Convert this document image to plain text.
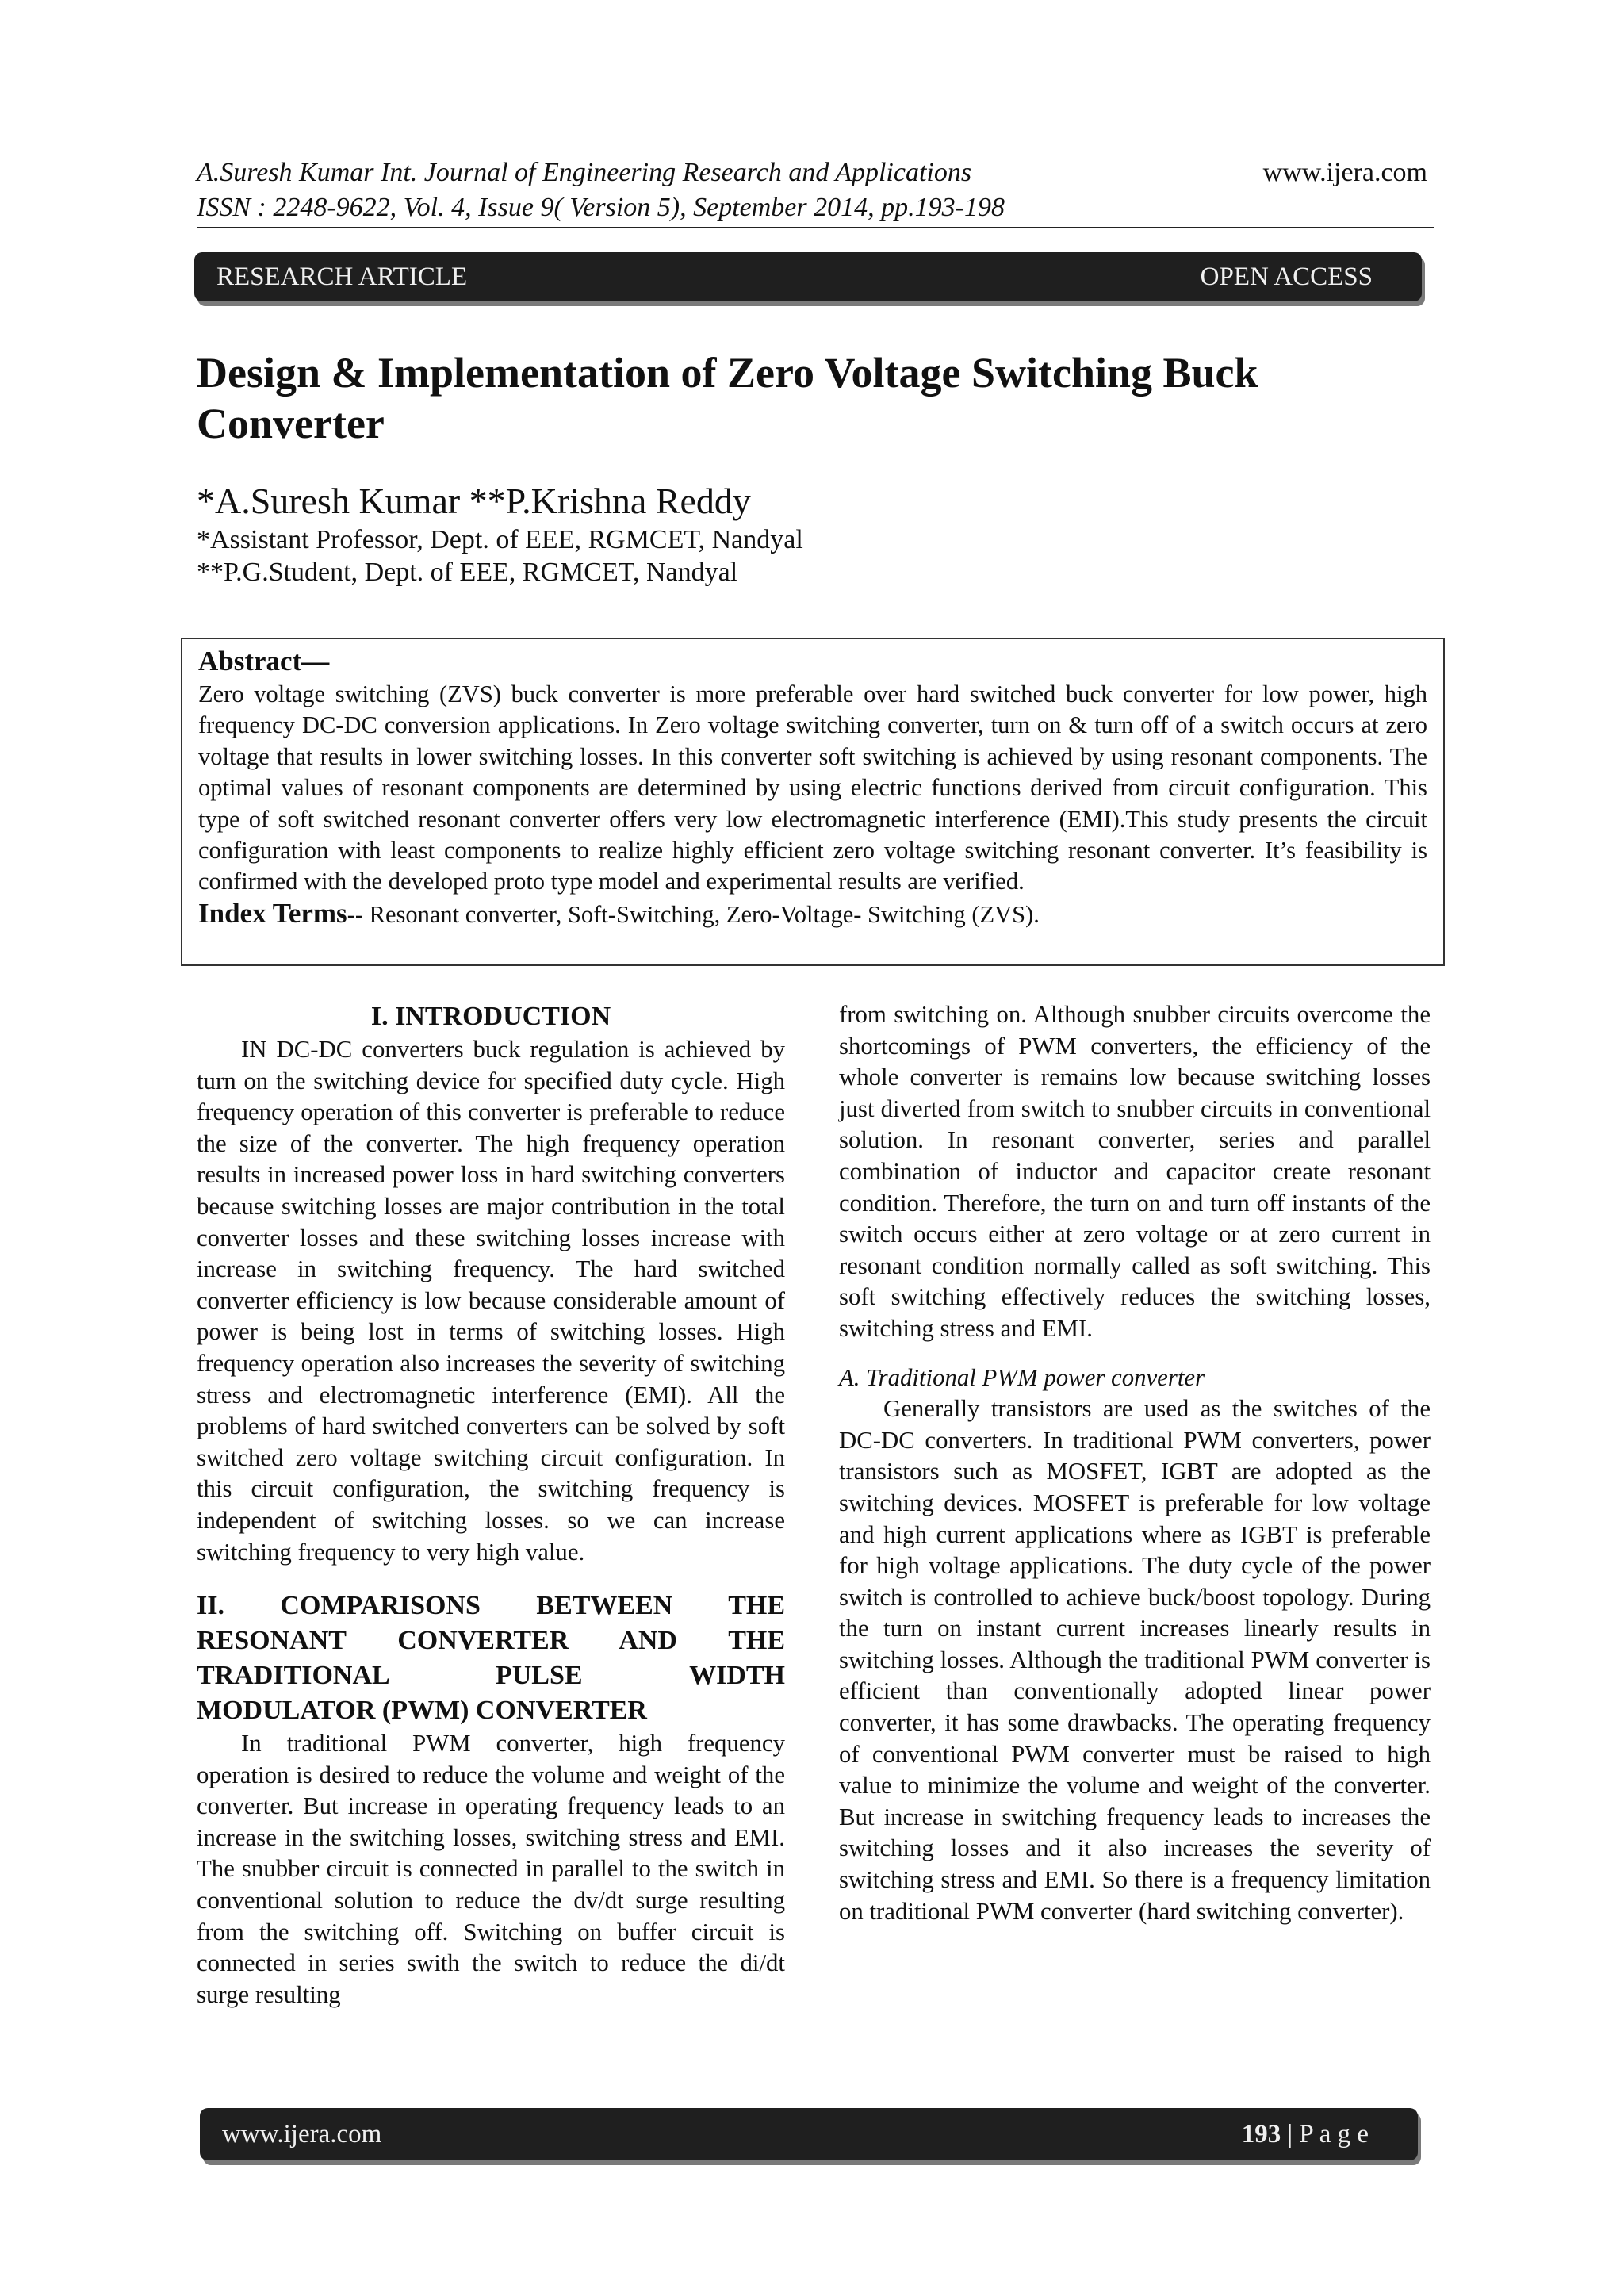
A.Suresh Kumar Int. Journal of Engineering Research and Applications
ISSN : 2248-9622, Vol. 4, Issue 9( Version 5), September 2014, pp.193-198
www.ijera.com
RESEARCH ARTICLE	OPEN ACCESS
Design & Implementation of Zero Voltage Switching Buck Converter
*A.Suresh Kumar **P.Krishna Reddy
*Assistant Professor, Dept. of EEE, RGMCET, Nandyal
**P.G.Student, Dept. of EEE, RGMCET, Nandyal
Abstract—
Zero voltage switching (ZVS) buck converter is more preferable over hard switched buck converter for low power, high frequency DC-DC conversion applications. In Zero voltage switching converter, turn on & turn off of a switch occurs at zero voltage that results in lower switching losses. In this converter soft switching is achieved by using resonant components. The optimal values of resonant components are determined by using electric functions derived from circuit configuration. This type of soft switched resonant converter offers very low electromagnetic interference (EMI).This study presents the circuit configuration with least components to realize highly efficient zero voltage switching resonant converter. It’s feasibility is confirmed with the developed proto type model and experimental results are verified.
Index Terms-- Resonant converter, Soft-Switching, Zero-Voltage- Switching (ZVS).

I. INTRODUCTION

IN DC-DC converters buck regulation is achieved by turn on the switching device for specified duty cycle. High frequency operation of this converter is preferable to reduce the size of the converter. The high frequency operation results in increased power loss in hard switching converters because switching losses are major contribution in the total converter losses and these switching losses increase with increase in switching frequency. The hard switched converter efficiency is low because considerable amount of power is being lost in terms of switching losses. High frequency operation also increases the severity of switching stress and electromagnetic interference (EMI). All the problems of hard switched converters can be solved by soft switched zero voltage switching circuit configuration. In this circuit configuration, the switching frequency is independent of switching losses. so we can increase switching frequency to very high value.

II. COMPARISONS BETWEEN THE

RESONANT CONVERTER AND THE

TRADITIONAL PULSE WIDTH

MODULATOR (PWM) CONVERTER

In traditional PWM converter, high frequency operation is desired to reduce the volume and weight of the converter. But increase in operating frequency leads to an increase in the switching losses, switching stress and EMI. The snubber circuit is connected in parallel to the switch in conventional solution to reduce the dv/dt surge resulting from the switching off. Switching on buffer circuit is connected in series swith the switch to reduce the di/dt surge resulting

from switching on. Although snubber circuits overcome the shortcomings of PWM converters, the efficiency of the whole converter is remains low because switching losses just diverted from switch to snubber circuits in conventional solution. In resonant converter, series and parallel combination of inductor and capacitor create resonant condition. Therefore, the turn on and turn off instants of the switch occurs either at zero voltage or at zero current in resonant condition normally called as soft switching. This soft switching effectively reduces the switching losses, switching stress and EMI.

A. Traditional PWM power converter

Generally transistors are used as the switches of the DC-DC converters. In traditional PWM converters, power transistors such as MOSFET, IGBT are adopted as the switching devices. MOSFET is preferable for low voltage and high current applications where as IGBT is preferable for high voltage applications. The duty cycle of the power switch is controlled to achieve buck/boost topology. During the turn on instant current increases linearly results in switching losses. Although the traditional PWM converter is efficient than conventionally adopted linear power converter, it has some drawbacks. The operating frequency of conventional PWM converter must be raised to high value to minimize the volume and weight of the converter. But increase in switching frequency leads to increases the switching losses and it also increases the severity of switching stress and EMI. So there is a frequency limitation on traditional PWM converter (hard switching converter).

www.ijera.com	193 | P a g e
